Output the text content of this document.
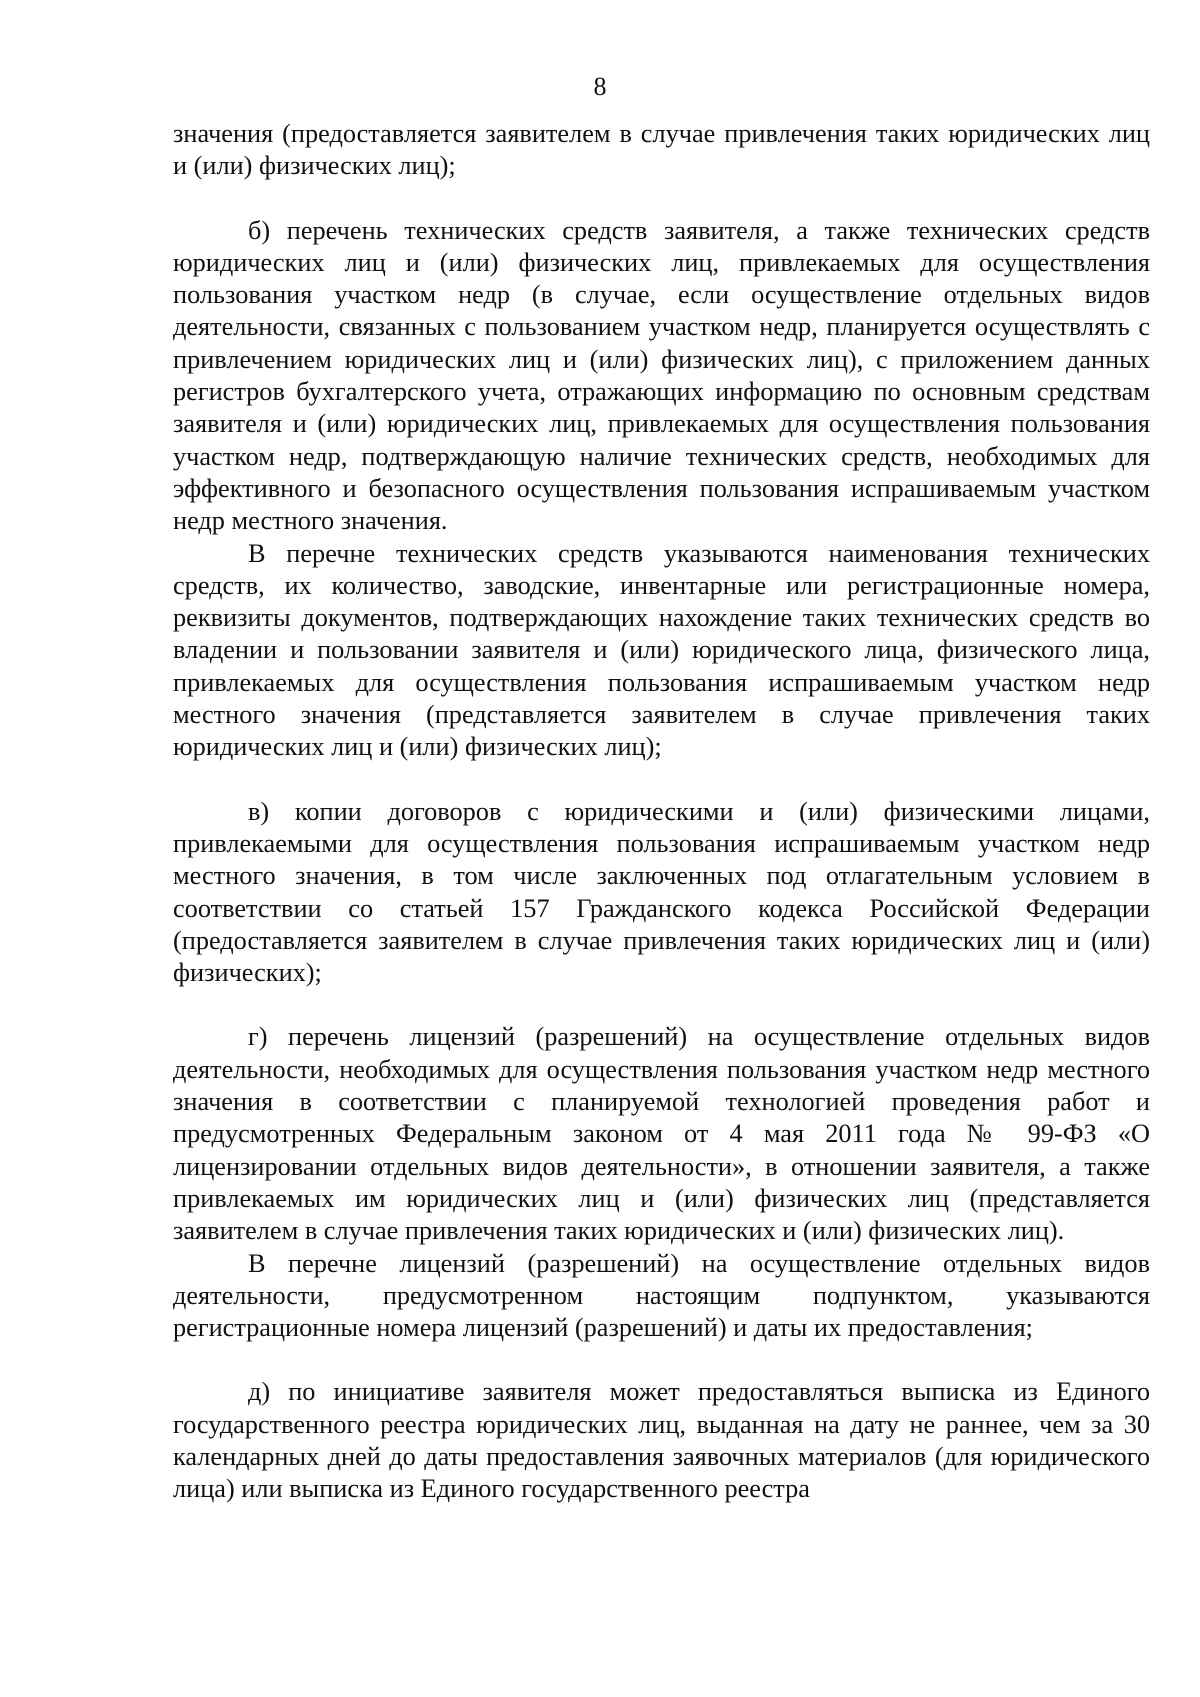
8

значения (предоставляется заявителем в случае привлечения таких юридических лиц и (или) физических лиц);

б) перечень технических средств заявителя, а также технических средств юридических лиц и (или) физических лиц, привлекаемых для осуществления пользования участком недр (в случае, если осуществление отдельных видов деятельности, связанных с пользованием участком недр, планируется осуществлять с привлечением юридических лиц и (или) физических лиц), с приложением данных регистров бухгалтерского учета, отражающих информацию по основным средствам заявителя и (или) юридических лиц, привлекаемых для осуществления пользования участком недр, подтверждающую наличие технических средств, необходимых для эффективного и безопасного осуществления пользования испрашиваемым участком недр местного значения.

В перечне технических средств указываются наименования технических средств, их количество, заводские, инвентарные или регистрационные номера, реквизиты документов, подтверждающих нахождение таких технических средств во владении и пользовании заявителя и (или) юридического лица, физического лица, привлекаемых для осуществления пользования испрашиваемым участком недр местного значения (представляется заявителем в случае привлечения таких юридических лиц и (или) физических лиц);

в) копии договоров с юридическими и (или) физическими лицами, привлекаемыми для осуществления пользования испрашиваемым участком недр местного значения, в том числе заключенных под отлагательным условием в соответствии со статьей 157 Гражданского кодекса Российской Федерации (предоставляется заявителем в случае привлечения таких юридических лиц и (или) физических);

г) перечень лицензий (разрешений) на осуществление отдельных видов деятельности, необходимых для осуществления пользования участком недр местного значения в соответствии с планируемой технологией проведения работ и предусмотренных Федеральным законом от 4 мая 2011 года № 99-ФЗ «О лицензировании отдельных видов деятельности», в отношении заявителя, а также привлекаемых им юридических лиц и (или) физических лиц (представляется заявителем в случае привлечения таких юридических и (или) физических лиц).

В перечне лицензий (разрешений) на осуществление отдельных видов деятельности, предусмотренном настоящим подпунктом, указываются регистрационные номера лицензий (разрешений) и даты их предоставления;

д) по инициативе заявителя может предоставляться выписка из Единого государственного реестра юридических лиц, выданная на дату не раннее, чем за 30 календарных дней до даты предоставления заявочных материалов (для юридического лица) или выписка из Единого государственного реестра
